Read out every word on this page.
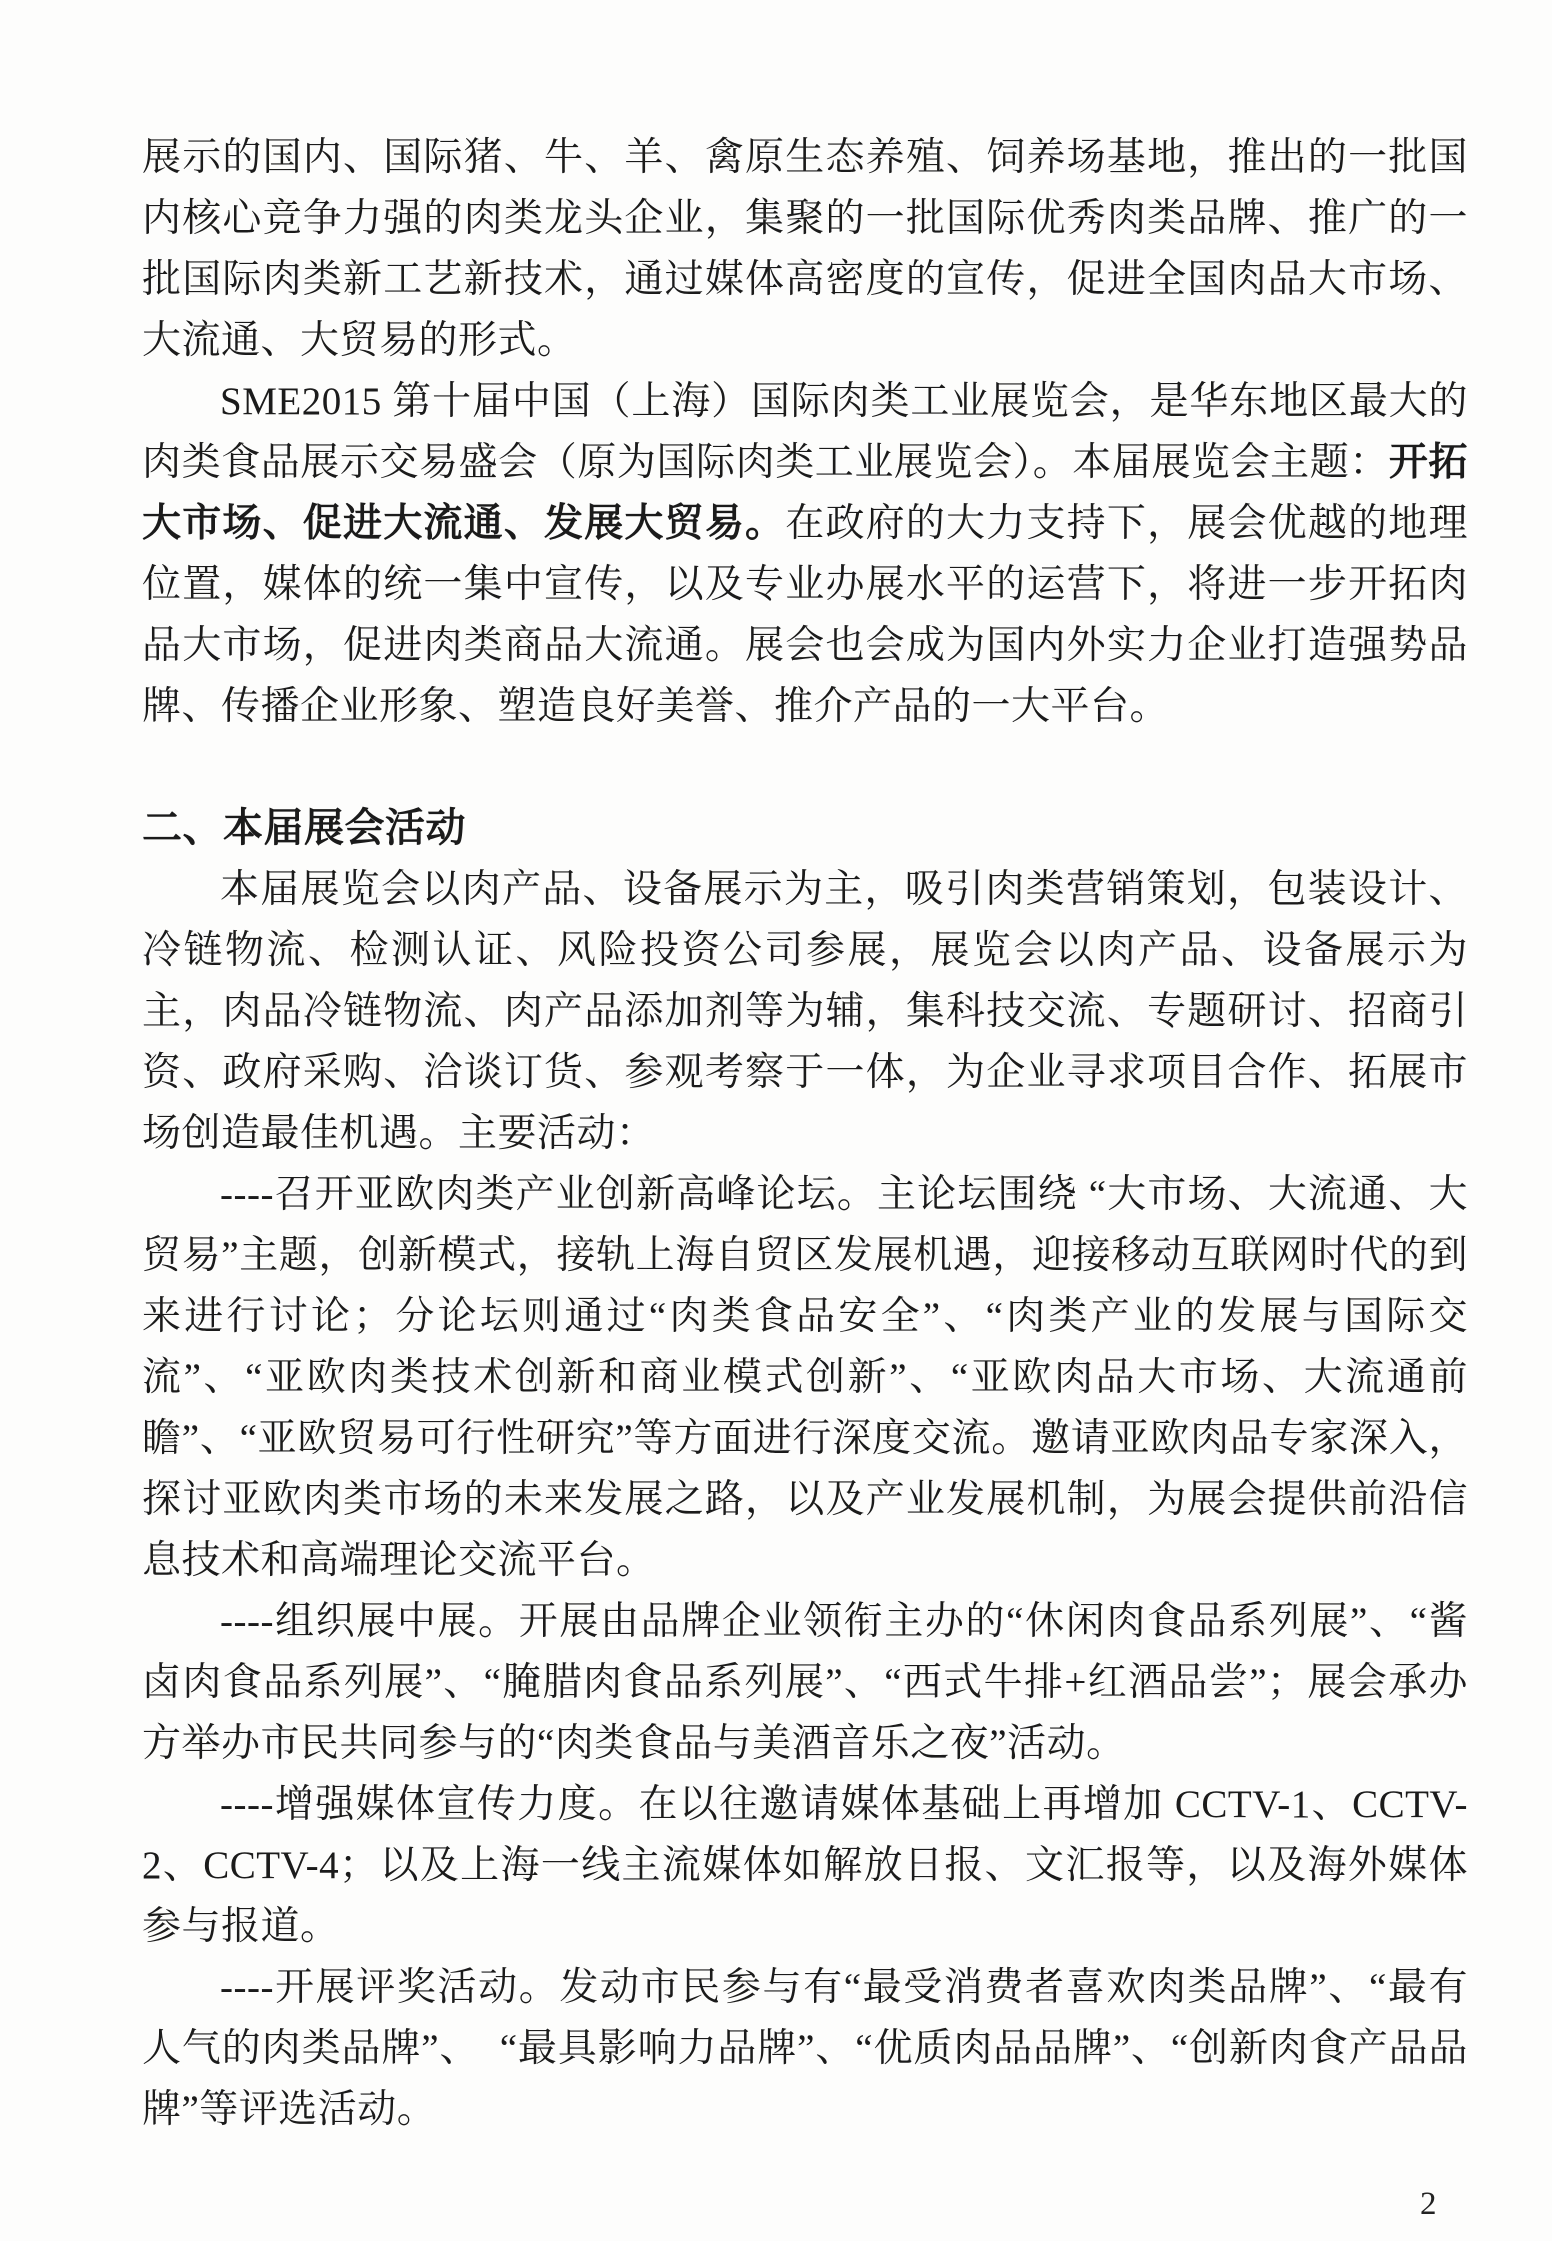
展示的国内、国际猪、牛、羊、禽原生态养殖、饲养场基地，推出的一批国内核心竞争力强的肉类龙头企业，集聚的一批国际优秀肉类品牌、推广的一批国际肉类新工艺新技术，通过媒体高密度的宣传，促进全国肉品大市场、大流通、大贸易的形式。

SME2015 第十届中国（上海）国际肉类工业展览会，是华东地区最大的肉类食品展示交易盛会（原为国际肉类工业展览会）。本届展览会主题：开拓大市场、促进大流通、发展大贸易。在政府的大力支持下，展会优越的地理位置，媒体的统一集中宣传，以及专业办展水平的运营下，将进一步开拓肉品大市场，促进肉类商品大流通。展会也会成为国内外实力企业打造强势品牌、传播企业形象、塑造良好美誉、推介产品的一大平台。

二、本届展会活动

本届展览会以肉产品、设备展示为主，吸引肉类营销策划，包装设计、冷链物流、检测认证、风险投资公司参展，展览会以肉产品、设备展示为主，肉品冷链物流、肉产品添加剂等为辅，集科技交流、专题研讨、招商引资、政府采购、洽谈订货、参观考察于一体，为企业寻求项目合作、拓展市场创造最佳机遇。主要活动：

----召开亚欧肉类产业创新高峰论坛。主论坛围绕 “大市场、大流通、大贸易”主题，创新模式，接轨上海自贸区发展机遇，迎接移动互联网时代的到来进行讨论；分论坛则通过“肉类食品安全”、“肉类产业的发展与国际交流”、“亚欧肉类技术创新和商业模式创新”、“亚欧肉品大市场、大流通前瞻”、“亚欧贸易可行性研究”等方面进行深度交流。邀请亚欧肉品专家深入，探讨亚欧肉类市场的未来发展之路，以及产业发展机制，为展会提供前沿信息技术和高端理论交流平台。

----组织展中展。开展由品牌企业领衔主办的“休闲肉食品系列展”、“酱卤肉食品系列展”、“腌腊肉食品系列展”、“西式牛排+红酒品尝”；展会承办方举办市民共同参与的“肉类食品与美酒音乐之夜”活动。

----增强媒体宣传力度。在以往邀请媒体基础上再增加 CCTV-1、CCTV-2、CCTV-4；以及上海一线主流媒体如解放日报、文汇报等，以及海外媒体参与报道。

----开展评奖活动。发动市民参与有“最受消费者喜欢肉类品牌”、“最有人气的肉类品牌”、　“最具影响力品牌”、“优质肉品品牌”、“创新肉食产品品牌”等评选活动。

2
